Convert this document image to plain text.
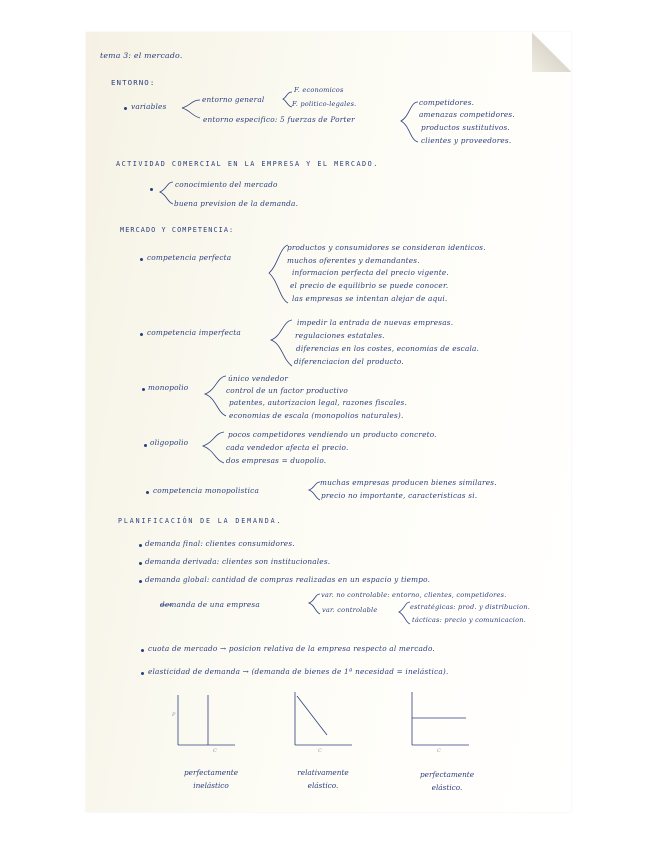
tema 3: el mercado.
ENTORNO:
variables
entorno general
entorno especifico: 5 fuerzas de Porter
F. economicos
F. politico-legales.	competidores.
amenazas competidores.
productos sustitutivos.
clientes y proveedores.
ACTIVIDAD COMERCIAL EN LA EMPRESA Y EL MERCADO.
conocimiento del mercado
buena prevision de la demanda.
MERCADO Y COMPETENCIA:
competencia perfecta
productos y consumidores se consideran identicos.
muchos oferentes y demandantes.
informacion perfecta del precio vigente.
el precio de equilibrio se puede conocer.
las empresas se intentan alejar de aqui.
competencia imperfecta
impedir la entrada de nuevas empresas.
regulaciones estatales.
diferencias en los costes, economias de escala.
diferenciacion del producto.
monopolio
único vendedor
control de un factor productivo
patentes, autorizacion legal, razones fiscales.
economias de escala (monopolios naturales).
oligopolio
pocos competidores vendiendo un producto concreto.
cada vendedor afecta el precio.
dos empresas = duopolio.
competencia monopolistica
muchas empresas producen bienes similares.
precio no importante, caracteristicas si.
PLANIFICACIÓN DE LA DEMANDA.
demanda final: clientes consumidores.
demanda derivada: clientes son institucionales.
demanda global: cantidad de compras realizadas en un espacio y tiempo.
demanda de una empresa
var. no controlable: entorno, clientes, competidores.
var. controlable	estratégicas: prod. y distribucion.
tácticas: precio y comunicacion.
cuota de mercado → posicion relativa de la empresa respecto al mercado.
elasticidad de demanda → (demanda de bienes de 1ª necesidad = inelástica).
P
C	C	C
perfectamente
inelástico
relativamente
elástico.
perfectamente
elástico.
